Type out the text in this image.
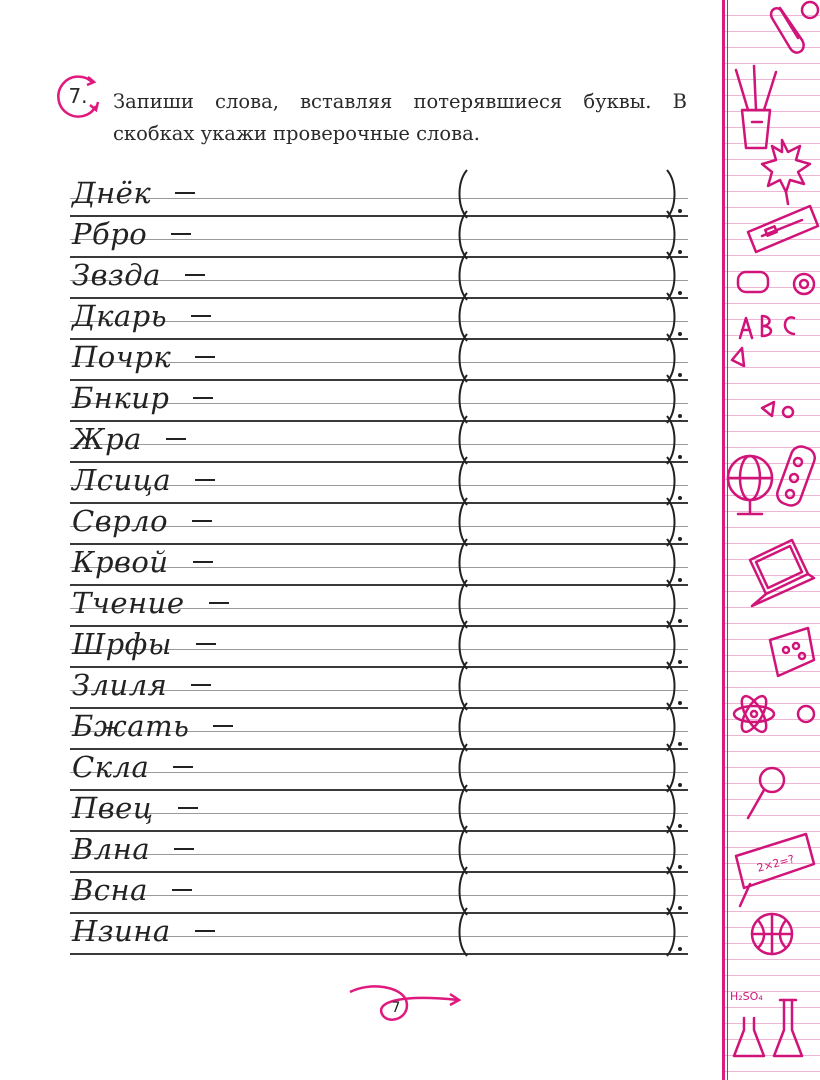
7.	Запиши слова, вставляя потерявшиеся буквы. В скобках укажи проверочные слова.
Днёк
Рбро
Звзда
Дкарь
Почрк
Бнкир
Жра
Лсица
Сврло
Крвой
Тчение
Шрфы
Злиля
Бжать
Скла
Пвец
Влна
Всна
Нзина
7
2×2=?
H₂SO₄
